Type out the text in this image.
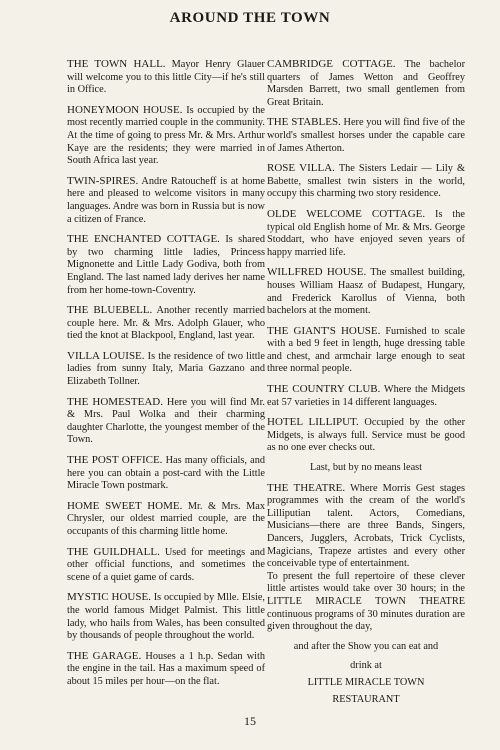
AROUND THE TOWN

THE TOWN HALL. Mayor Henry Glauer will welcome you to this little City—if he's still in Office.

HONEYMOON HOUSE. Is occupied by the most recently married couple in the community. At the time of going to press Mr. & Mrs. Arthur Kaye are the residents; they were married in South Africa last year.

TWIN-SPIRES. Andre Ratoucheff is at home here and pleased to welcome visitors in many languages. Andre was born in Russia but is now a citizen of France.

THE ENCHANTED COTTAGE. Is shared by two charming little ladies, Princess Mignonette and Little Lady Godiva, both from England. The last named lady derives her name from her home-town-Coventry.

THE BLUEBELL. Another recently married couple here. Mr. & Mrs. Adolph Glauer, who tied the knot at Blackpool, England, last year.

VILLA LOUISE. Is the residence of two little ladies from sunny Italy, Maria Gazzano and Elizabeth Tollner.

THE HOMESTEAD. Here you will find Mr. & Mrs. Paul Wolka and their charming daughter Charlotte, the youngest member of the Town.

THE POST OFFICE. Has many officials, and here you can obtain a post-card with the Little Miracle Town postmark.

HOME SWEET HOME. Mr. & Mrs. Max Chrysler, our oldest married couple, are the occupants of this charming little home.

THE GUILDHALL. Used for meetings and other official functions, and sometimes the scene of a quiet game of cards.

MYSTIC HOUSE. Is occupied by Mlle. Elsie, the world famous Midget Palmist. This little lady, who hails from Wales, has been consulted by thousands of people throughout the world.

THE GARAGE. Houses a 1 h.p. Sedan with the engine in the tail. Has a maximum speed of about 15 miles per hour—on the flat.

CAMBRIDGE COTTAGE. The bachelor quarters of James Wetton and Geoffrey Marsden Barrett, two small gentlemen from Great Britain.

THE STABLES. Here you will find five of the world's smallest horses under the capable care of James Atherton.

ROSE VILLA. The Sisters Ledair — Lily & Babette, smallest twin sisters in the world, occupy this charming two story residence.

OLDE WELCOME COTTAGE. Is the typical old English home of Mr. & Mrs. George Stoddart, who have enjoyed seven years of happy married life.

WILLFRED HOUSE. The smallest building, houses William Haasz of Budapest, Hungary, and Frederick Karollus of Vienna, both bachelors at the moment.

THE GIANT'S HOUSE. Furnished to scale with a bed 9 feet in length, huge dressing table and chest, and armchair large enough to seat three normal people.

THE COUNTRY CLUB. Where the Midgets eat 57 varieties in 14 different languages.

HOTEL LILLIPUT. Occupied by the other Midgets, is always full. Service must be good as no one ever checks out.

Last, but by no means least

THE THEATRE. Where Morris Gest stages programmes with the cream of the world's Lilliputian talent. Actors, Comedians, Musicians—there are three Bands, Singers, Dancers, Jugglers, Acrobats, Trick Cyclists, Magicians, Trapeze artistes and every other conceivable type of entertainment.

To present the full repertoire of these clever little artistes would take over 30 hours; in the LITTLE MIRACLE TOWN THEATRE continuous programs of 30 minutes duration are given throughout the day,

and after the Show you can eat and

drink at

LITTLE MIRACLE TOWN

RESTAURANT

15
